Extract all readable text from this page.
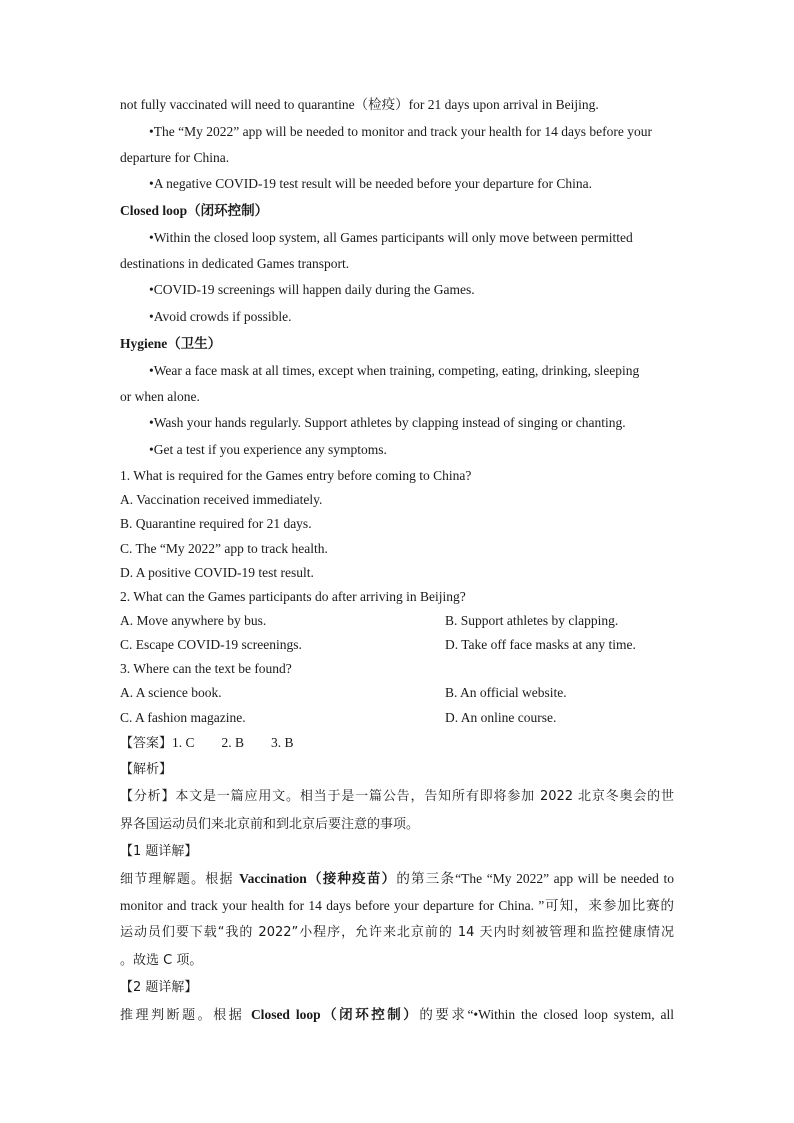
not fully vaccinated will need to quarantine（检疫）for 21 days upon arrival in Beijing.
•The “My 2022” app will be needed to monitor and track your health for 14 days before your
departure for China.
•A negative COVID-19 test result will be needed before your departure for China.
Closed loop（闭环控制）
•Within the closed loop system, all Games participants will only move between permitted
destinations in dedicated Games transport.
•COVID-19 screenings will happen daily during the Games.
•Avoid crowds if possible.
Hygiene（卫生）
•Wear a face mask at all times, except when training, competing, eating, drinking, sleeping
or when alone.
•Wash your hands regularly. Support athletes by clapping instead of singing or chanting.
•Get a test if you experience any symptoms.
1. What is required for the Games entry before coming to China?
A. Vaccination received immediately.
B. Quarantine required for 21 days.
C. The “My 2022” app to track health.
D. A positive COVID-19 test result.
2. What can the Games participants do after arriving in Beijing?
A. Move anywhere by bus.	B. Support athletes by clapping.
C. Escape COVID-19 screenings.	D. Take off face masks at any time.
3. Where can the text be found?
A. A science book.	B. An official website.
C. A fashion magazine.	D. An online course.
【答案】1. C        2. B        3. B
【解析】
【分析】本文是一篇应用文。相当于是一篇公告，告知所有即将参加 2022 北京冬奥会的世
界各国运动员们来北京前和到北京后要注意的事项。
【1 题详解】
细节理解题。根据 Vaccination（接种疫苗）的第三条“The “My 2022” app will be needed to
monitor and track your health for 14 days before your departure for China. ”可知，来参加比赛的
运动员们要下载“我的 2022”小程序，允许来北京前的 14 天内时刻被管理和监控健康情况
。故选 C 项。
【2 题详解】
推理判断题。根据 Closed loop（闭环控制）的要求“•Within the closed loop system, all
